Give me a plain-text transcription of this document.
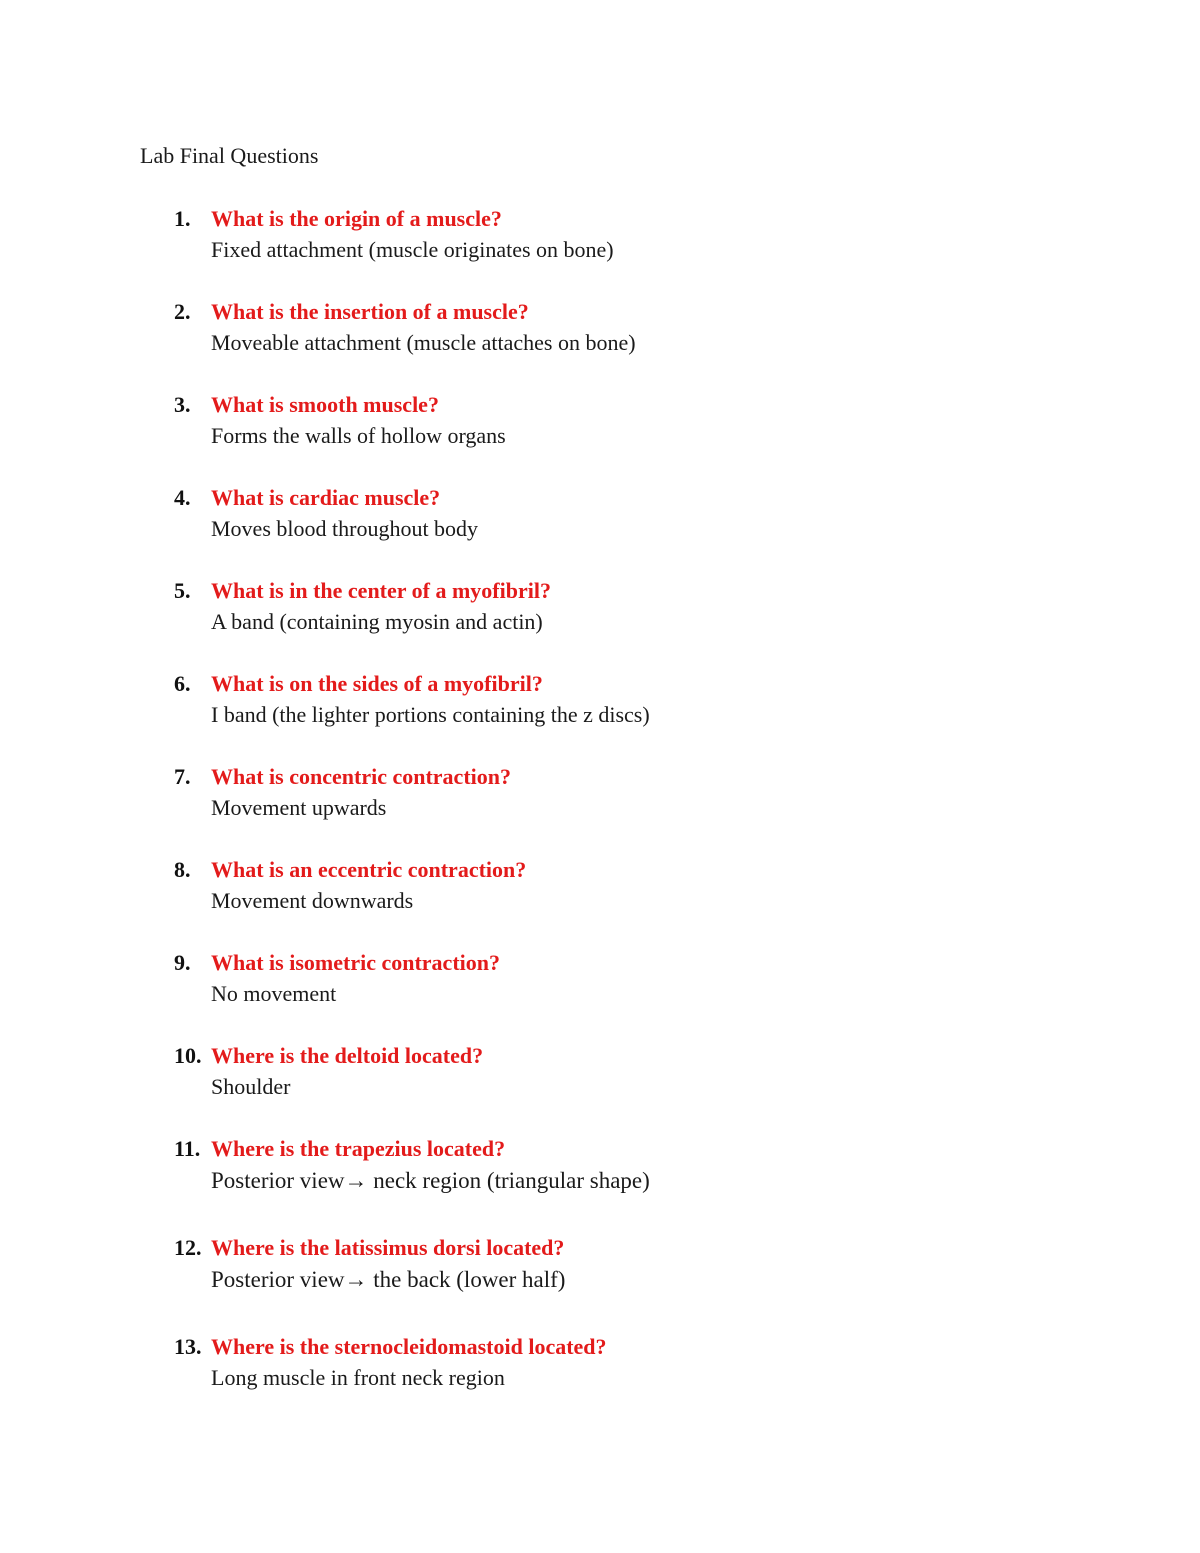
Lab Final Questions
1. What is the origin of a muscle?
Fixed attachment (muscle originates on bone)
2. What is the insertion of a muscle?
Moveable attachment (muscle attaches on bone)
3. What is smooth muscle?
Forms the walls of hollow organs
4. What is cardiac muscle?
Moves blood throughout body
5. What is in the center of a myofibril?
A band (containing myosin and actin)
6. What is on the sides of a myofibril?
I band (the lighter portions containing the z discs)
7. What is concentric contraction?
Movement upwards
8. What is an eccentric contraction?
Movement downwards
9. What is isometric contraction?
No movement
10. Where is the deltoid located?
Shoulder
11. Where is the trapezius located?
Posterior view→ neck region (triangular shape)
12. Where is the latissimus dorsi located?
Posterior view→ the back (lower half)
13. Where is the sternocleidomastoid located?
Long muscle in front neck region
